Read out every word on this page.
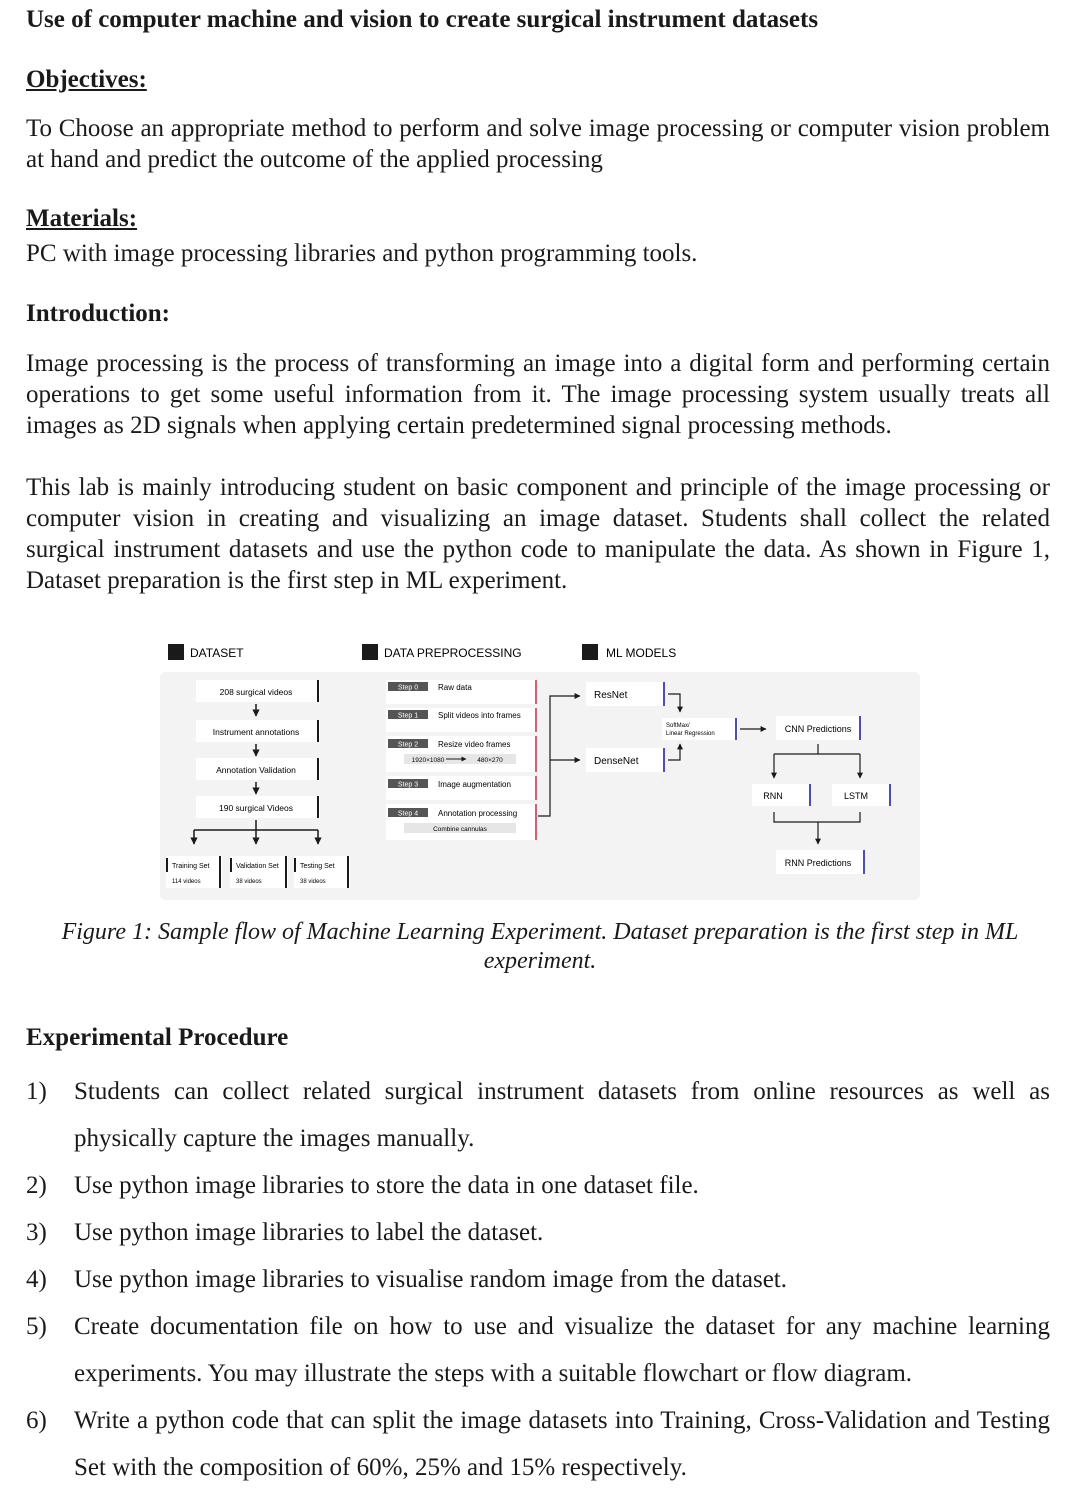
Use of computer machine and vision to create surgical instrument datasets
Objectives:

To Choose an appropriate method to perform and solve image processing or computer vision problem at hand and predict the outcome of the applied processing

Materials:

PC with image processing libraries and python programming tools.

Introduction:

Image processing is the process of transforming an image into a digital form and performing certain operations to get some useful information from it. The image processing system usually treats all images as 2D signals when applying certain predetermined signal processing methods.

This lab is mainly introducing student on basic component and principle of the image processing or computer vision in creating and visualizing an image dataset. Students shall collect the related surgical instrument datasets and use the python code to manipulate the data. As shown in Figure 1, Dataset preparation is the first step in ML experiment.

DATASET	DATA PREPROCESSING	ML MODELS
208 surgical videos
Instrument annotations
Annotation Validation
190 surgical Videos
Training Set
114 videos
Validation Set
38 videos
Testing Set
38 videos
Step 0 Raw data
Step 1 Split videos into frames
Step 2 Resize video frames
1920×1080	480×270
Step 3 Image augmentation
Step 4 Annotation processing
Combine cannulas
ResNet
DenseNet
SoftMax/
Linear Regression	CNN Predictions
RNN	LSTM
RNN Predictions

Figure 1: Sample flow of Machine Learning Experiment. Dataset preparation is the first step in ML experiment.

Experimental Procedure
1) Students can collect related surgical instrument datasets from online resources as well as physically capture the images manually.
2) Use python image libraries to store the data in one dataset file.
3) Use python image libraries to label the dataset.
4) Use python image libraries to visualise random image from the dataset.
5) Create documentation file on how to use and visualize the dataset for any machine learning experiments. You may illustrate the steps with a suitable flowchart or flow diagram.
6) Write a python code that can split the image datasets into Training, Cross-Validation and Testing Set with the composition of 60%, 25% and 15% respectively.
